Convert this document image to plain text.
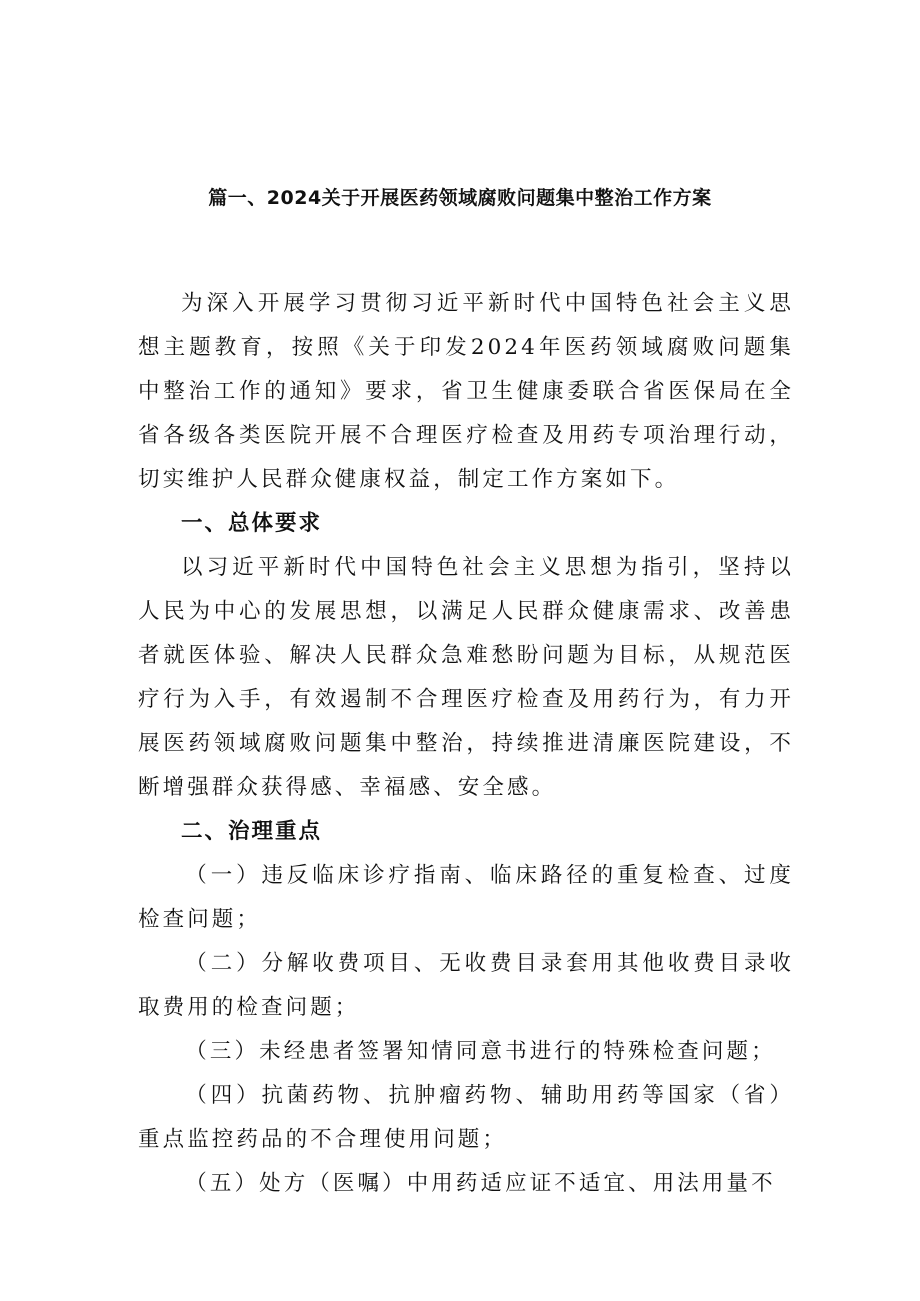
篇一、2024关于开展医药领域腐败问题集中整治工作方案

为深入开展学习贯彻习近平新时代中国特色社会主义思想主题教育，按照《关于印发2024年医药领域腐败问题集中整治工作的通知》要求，省卫生健康委联合省医保局在全省各级各类医院开展不合理医疗检查及用药专项治理行动，切实维护人民群众健康权益，制定工作方案如下。

一、总体要求

以习近平新时代中国特色社会主义思想为指引，坚持以人民为中心的发展思想，以满足人民群众健康需求、改善患者就医体验、解决人民群众急难愁盼问题为目标，从规范医疗行为入手，有效遏制不合理医疗检查及用药行为，有力开展医药领域腐败问题集中整治，持续推进清廉医院建设，不断增强群众获得感、幸福感、安全感。

二、治理重点

（一）违反临床诊疗指南、临床路径的重复检查、过度检查问题；

（二）分解收费项目、无收费目录套用其他收费目录收取费用的检查问题；

（三）未经患者签署知情同意书进行的特殊检查问题；

（四）抗菌药物、抗肿瘤药物、辅助用药等国家（省）重点监控药品的不合理使用问题；

（五）处方（医嘱）中用药适应证不适宜、用法用量不
